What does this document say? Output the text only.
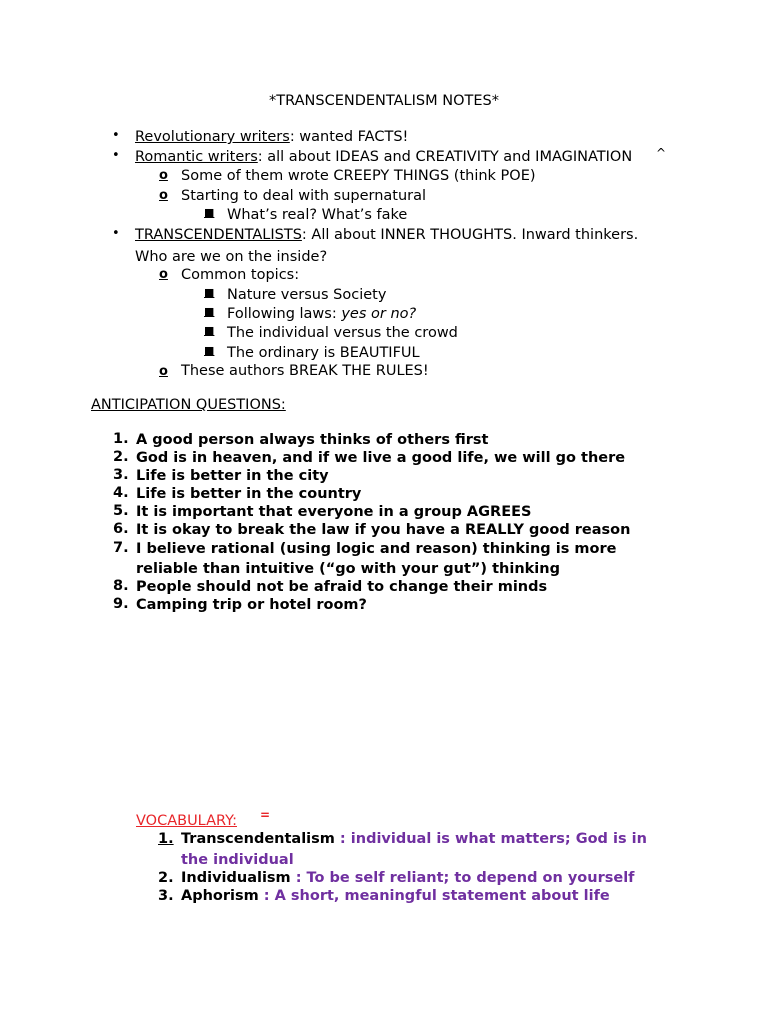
*TRANSCENDENTALISM NOTES*
• Revolutionary writers: wanted FACTS!
• Romantic writers: all about IDEAS and CREATIVITY and IMAGINATION ^
o Some of them wrote CREEPY THINGS (think POE)
o Starting to deal with supernatural
■ What’s real? What’s fake
• TRANSCENDENTALISTS: All about INNER THOUGHTS. Inward thinkers.
Who are we on the inside?
o Common topics:
■ Nature versus Society
■ Following laws: yes or no?
■ The individual versus the crowd
■ The ordinary is BEAUTIFUL
o These authors BREAK THE RULES!
ANTICIPATION QUESTIONS:
1. A good person always thinks of others first
2. God is in heaven, and if we live a good life, we will go there
3. Life is better in the city
4. Life is better in the country
5. It is important that everyone in a group AGREES
6. It is okay to break the law if you have a REALLY good reason
7. I believe rational (using logic and reason) thinking is more
reliable than intuitive (“go with your gut”) thinking
8. People should not be afraid to change their minds
9. Camping trip or hotel room?
VOCABULARY: =
1. Transcendentalism : individual is what matters; God is in
the individual
2. Individualism : To be self reliant; to depend on yourself
3. Aphorism : A short, meaningful statement about life
